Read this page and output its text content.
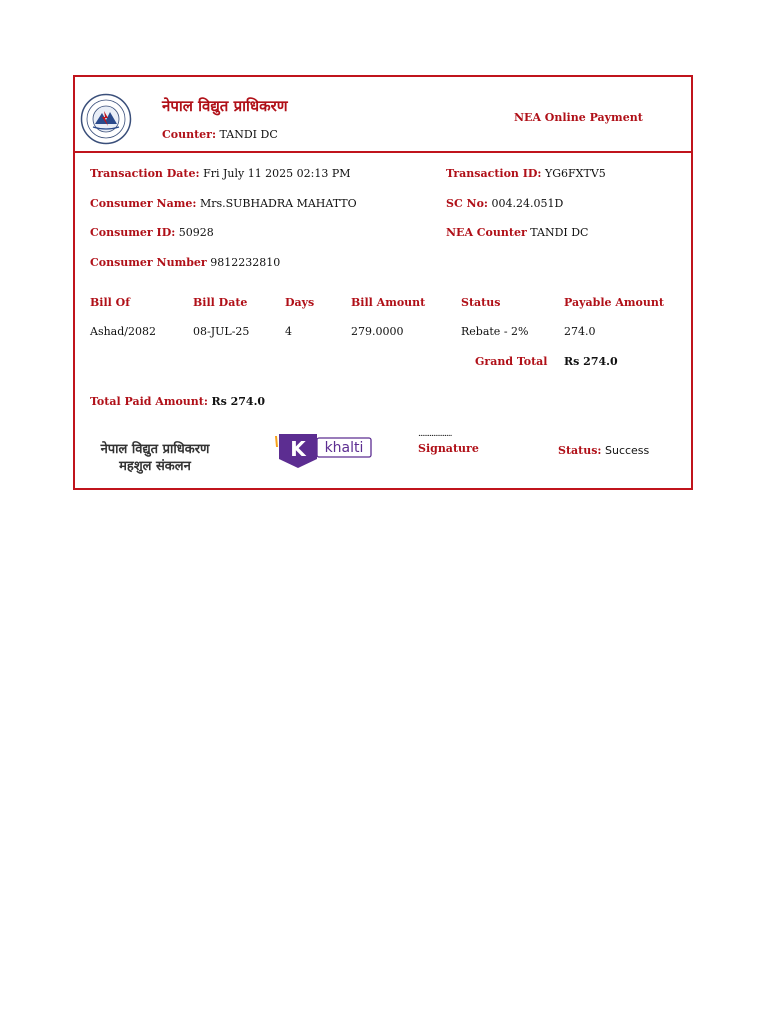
नेपाल विद्युत प्राधिकरण
Counter: TANDI DC
NEA Online Payment
Transaction Date: Fri July 11 2025 02:13 PM	Transaction ID: YG6FXTV5
Consumer Name: Mrs.SUBHADRA MAHATTO	SC No: 004.24.051D
Consumer ID: 50928	NEA Counter TANDI DC
Consumer Number 9812232810
Bill Of	Bill Date	Days	Bill Amount	Status	Payable Amount
Ashad/2082	08-JUL-25	4	279.0000	Rebate - 2%	274.0
Grand Total Rs 274.0
Total Paid Amount: Rs 274.0
नेपाल विद्युत प्राधिकरण
महशुल संकलन
K khalti
..................
Signature	Status: Success
